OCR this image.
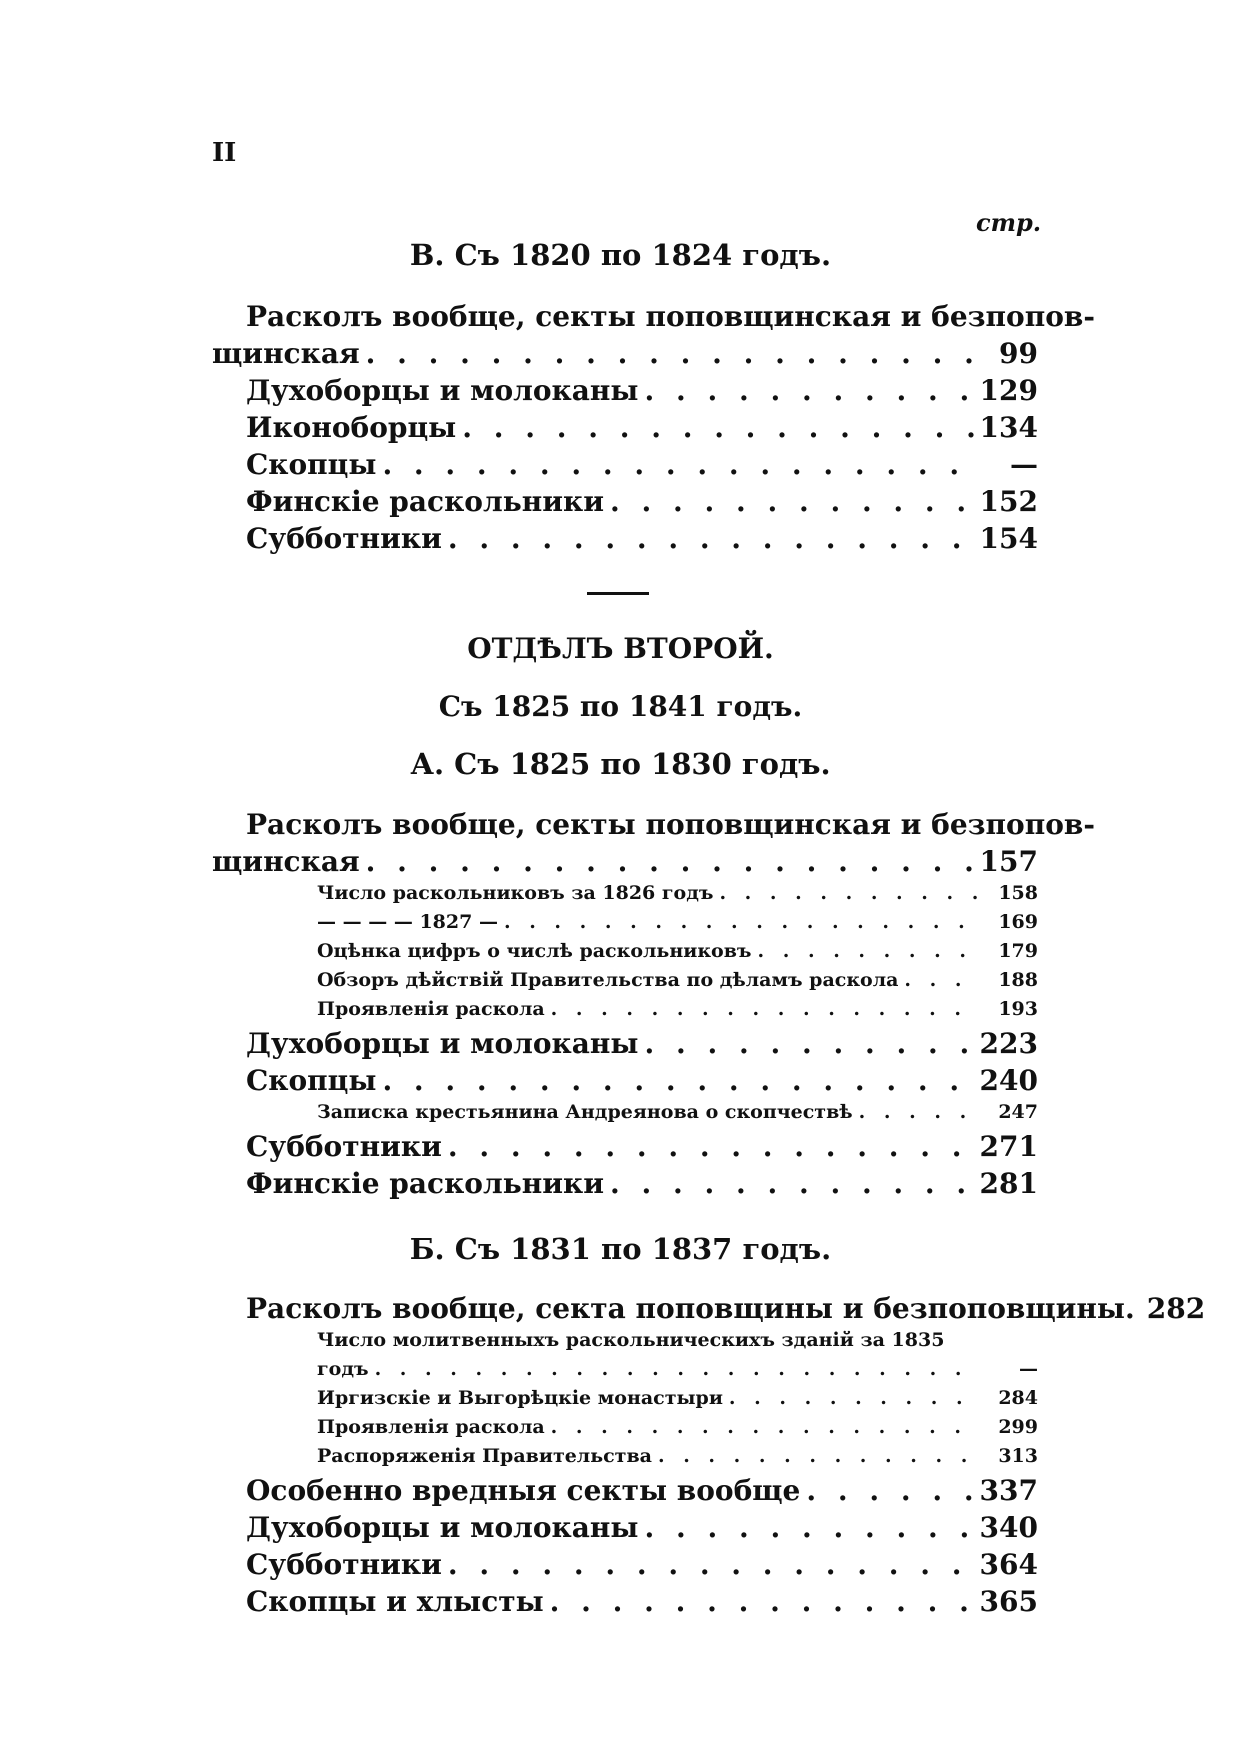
II
стр.
В. Съ 1820 по 1824 годъ.
Расколъ вообще, секты поповщинская и безпопов-
щинская . . .	99
Духоборцы и молоканы . . .	129
Иконоборцы . . .	134
Скопцы . . .	—
Финскіе раскольники . . .	152
Субботники . . .	154
ОТДѢЛЪ ВТОРОЙ.
Съ 1825 по 1841 годъ.
А. Съ 1825 по 1830 годъ.
Расколъ вообще, секты поповщинская и безпопов-
щинская . . .	157
Число раскольниковъ за 1826 годъ . . .	158
— — — — 1827 — . . .	169
Оцѣнка цифръ о числѣ раскольниковъ . . .	179
Обзоръ дѣйствій Правительства по дѣламъ раскола . . .	188
Проявленія раскола . . .	193
Духоборцы и молоканы . . .	223
Скопцы . . .	240
Записка крестьянина Андреянова о скопчествѣ . . .	247
Субботники . . .	271
Финскіе раскольники . . .	281
Б. Съ 1831 по 1837 годъ.
Расколъ вообще, секта поповщины и безпоповщины. 282
Число молитвенныхъ раскольническихъ зданій за 1835
годъ . . .	—
Иргизскіе и Выгорѣцкіе монастыри . . .	284
Проявленія раскола . . .	299
Распоряженія Правительства . . .	313
Особенно вредныя секты вообще . . .	337
Духоборцы и молоканы . . .	340
Субботники . . .	364
Скопцы и хлысты . . .	365
